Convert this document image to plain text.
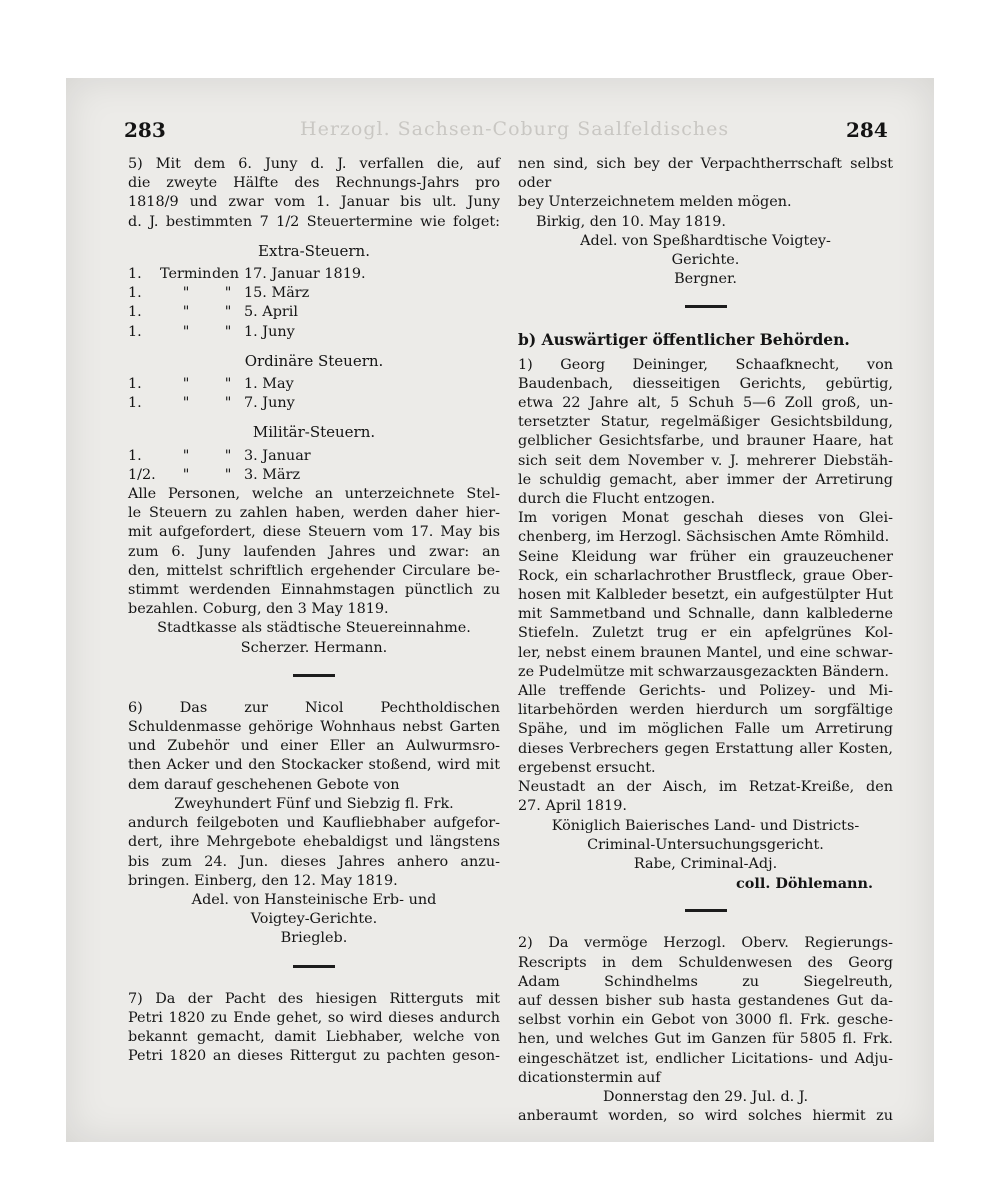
283	Herzogl. Sachsen-Coburg Saalfeldisches	284

5) Mit dem 6. Juny d. J. verfallen die, auf

die zweyte Hälfte des Rechnungs-Jahrs pro

1818/9 und zwar vom 1. Januar bis ult. Juny

d. J. bestimmten 7 1/2 Steuertermine wie folget:

Extra-Steuern.
1.	Termin den 17. Januar 1819.
1.	"	" 15. März
1.	"	" 5. April
1.	"	" 1. Juny
Ordinäre Steuern.
1.	"	" 1. May
1.	"	" 7. Juny
Militär-Steuern.
1.	"	" 3. Januar
1/2.	"	" 3. März

Alle Personen, welche an unterzeichnete Stel-

le Steuern zu zahlen haben, werden daher hier-

mit aufgefordert, diese Steuern vom 17. May bis

zum 6. Juny laufenden Jahres und zwar: an

den, mittelst schriftlich ergehender Circulare be-

stimmt werdenden Einnahmstagen pünctlich zu

bezahlen. Coburg, den 3 May 1819.

Stadtkasse als städtische Steuereinnahme.

Scherzer. Hermann.

6) Das zur Nicol Pechtholdischen

Schuldenmasse gehörige Wohnhaus nebst Garten

und Zubehör und einer Eller an Aulwurmsro-

then Acker und den Stockacker stoßend, wird mit

dem darauf geschehenen Gebote von

Zweyhundert Fünf und Siebzig fl. Frk.

andurch feilgeboten und Kaufliebhaber aufgefor-

dert, ihre Mehrgebote ehebaldigst und längstens

bis zum 24. Jun. dieses Jahres anhero anzu-

bringen. Einberg, den 12. May 1819.

Adel. von Hansteinische Erb- und

Voigtey-Gerichte.

Briegleb.

7) Da der Pacht des hiesigen Ritterguts mit

Petri 1820 zu Ende gehet, so wird dieses andurch

bekannt gemacht, damit Liebhaber, welche von

Petri 1820 an dieses Rittergut zu pachten geson-

nen sind, sich bey der Verpachtherrschaft selbst oder

bey Unterzeichnetem melden mögen.

Birkig, den 10. May 1819.

Adel. von Speßhardtische Voigtey-

Gerichte.

Bergner.

b) Auswärtiger öffentlicher Behörden.

1) Georg Deininger, Schaafknecht, von

Baudenbach, diesseitigen Gerichts, gebürtig,

etwa 22 Jahre alt, 5 Schuh 5—6 Zoll groß, un-

tersetzter Statur, regelmäßiger Gesichtsbildung,

gelblicher Gesichtsfarbe, und brauner Haare, hat

sich seit dem November v. J. mehrerer Diebstäh-

le schuldig gemacht, aber immer der Arretirung

durch die Flucht entzogen.

Im vorigen Monat geschah dieses von Glei-

chenberg, im Herzogl. Sächsischen Amte Römhild.

Seine Kleidung war früher ein grauzeuchener

Rock, ein scharlachrother Brustfleck, graue Ober-

hosen mit Kalbleder besetzt, ein aufgestülpter Hut

mit Sammetband und Schnalle, dann kalblederne

Stiefeln. Zuletzt trug er ein apfelgrünes Kol-

ler, nebst einem braunen Mantel, und eine schwar-

ze Pudelmütze mit schwarzausgezackten Bändern.

Alle treffende Gerichts- und Polizey- und Mi-

litarbehörden werden hierdurch um sorgfältige

Spähe, und im möglichen Falle um Arretirung

dieses Verbrechers gegen Erstattung aller Kosten,

ergebenst ersucht.

Neustadt an der Aisch, im Retzat-Kreiße, den

27. April 1819.

Königlich Baierisches Land- und Districts-

Criminal-Untersuchungsgericht.

Rabe, Criminal-Adj.

coll. Döhlemann.

2) Da vermöge Herzogl. Oberv. Regierungs-

Rescripts in dem Schuldenwesen des Georg

Adam Schindhelms zu Siegelreuth,

auf dessen bisher sub hasta gestandenes Gut da-

selbst vorhin ein Gebot von 3000 fl. Frk. gesche-

hen, und welches Gut im Ganzen für 5805 fl. Frk.

eingeschätzet ist, endlicher Licitations- und Adju-

dicationstermin auf

Donnerstag den 29. Jul. d. J.

anberaumt worden, so wird solches hiermit zu
